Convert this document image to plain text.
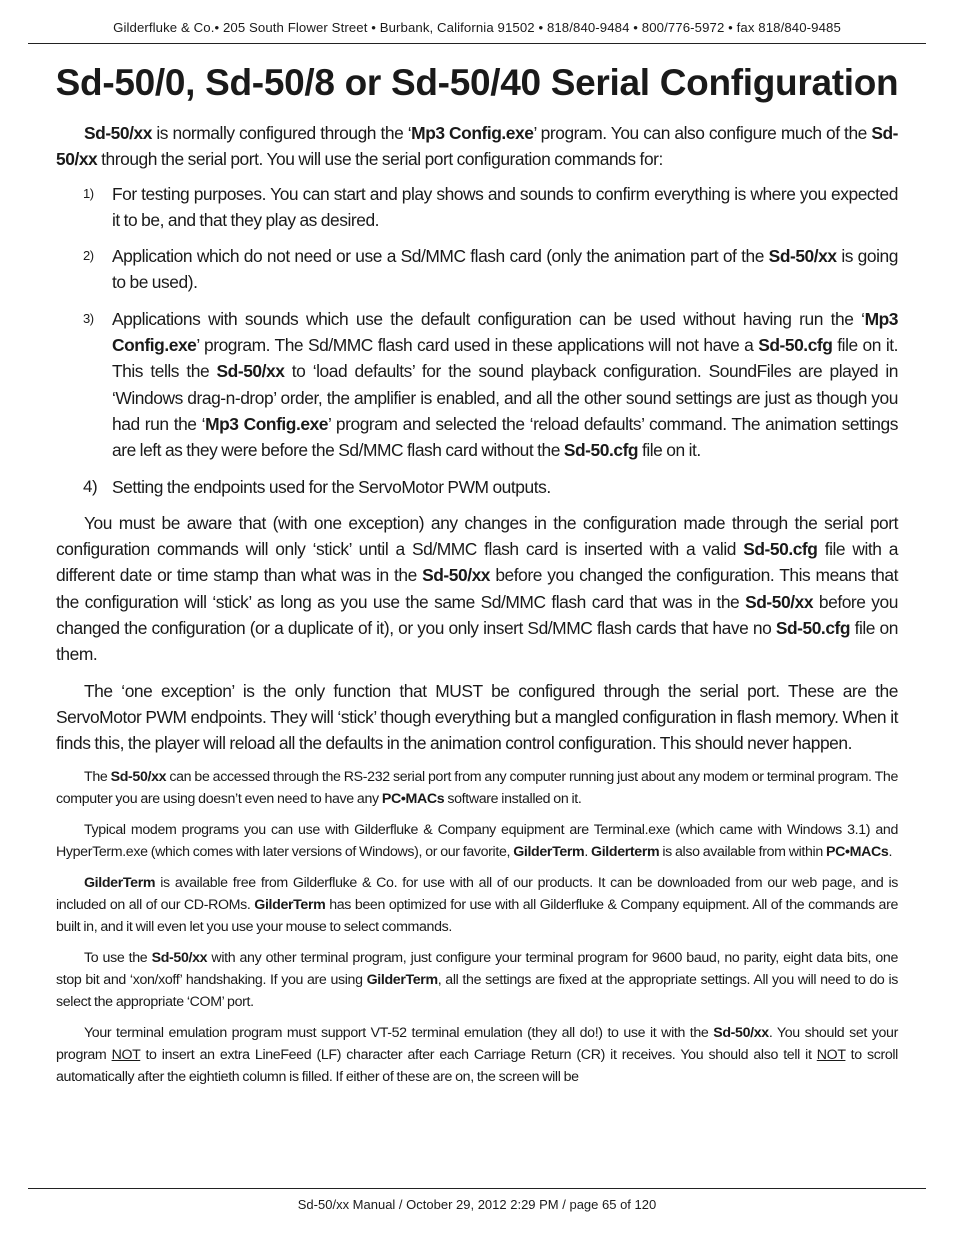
Gilderfluke & Co.• 205 South Flower Street • Burbank, California 91502 • 818/840-9484 • 800/776-5972 • fax 818/840-9485
Sd-50/0, Sd-50/8 or Sd-50/40 Serial Configuration

Sd-50/xx is normally configured through the ‘Mp3 Config.exe’ program. You can also configure much of the Sd-50/xx through the serial port. You will use the serial port configuration commands for:

1) For testing purposes. You can start and play shows and sounds to confirm everything is where you expected it to be, and that they play as desired.
2) Application which do not need or use a Sd/MMC flash card (only the animation part of the Sd-50/xx is going to be used).
3) Applications with sounds which use the default configuration can be used without having run the ‘Mp3 Config.exe’ program. The Sd/MMC flash card used in these applications will not have a Sd-50.cfg file on it. This tells the Sd-50/xx to ‘load defaults’ for the sound playback configuration. SoundFiles are played in ‘Windows drag-n-drop’ order, the amplifier is enabled, and all the other sound settings are just as though you had run the ‘Mp3 Config.exe’ program and selected the ‘reload defaults’ command. The animation settings are left as they were before the Sd/MMC flash card without the Sd-50.cfg file on it.
4) Setting the endpoints used for the ServoMotor PWM outputs.

You must be aware that (with one exception) any changes in the configuration made through the serial port configuration commands will only ‘stick’ until a Sd/MMC flash card is inserted with a valid Sd-50.cfg file with a different date or time stamp than what was in the Sd-50/xx before you changed the configuration. This means that the configuration will ‘stick’ as long as you use the same Sd/MMC flash card that was in the Sd-50/xx before you changed the configuration (or a duplicate of it), or you only insert Sd/MMC flash cards that have no Sd-50.cfg file on them.

The ‘one exception’ is the only function that MUST be configured through the serial port. These are the ServoMotor PWM endpoints. They will ‘stick’ though everything but a mangled configuration in flash memory. When it finds this, the player will reload all the defaults in the animation control configuration. This should never happen.

The Sd-50/xx can be accessed through the RS-232 serial port from any computer running just about any modem or terminal program. The computer you are using doesn’t even need to have any PC•MACs software installed on it.

Typical modem programs you can use with Gilderfluke & Company equipment are Terminal.exe (which came with Windows 3.1) and HyperTerm.exe (which comes with later versions of Windows), or our favorite, GilderTerm. Gilderterm is also available from within PC•MACs.

GilderTerm is available free from Gilderfluke & Co. for use with all of our products. It can be downloaded from our web page, and is included on all of our CD-ROMs. GilderTerm has been optimized for use with all Gilderfluke & Company equipment. All of the commands are built in, and it will even let you use your mouse to select commands.

To use the Sd-50/xx with any other terminal program, just configure your terminal program for 9600 baud, no parity, eight data bits, one stop bit and ‘xon/xoff’ handshaking. If you are using GilderTerm, all the settings are fixed at the appropriate settings. All you will need to do is select the appropriate ‘COM’ port.

Your terminal emulation program must support VT-52 terminal emulation (they all do!) to use it with the Sd-50/xx. You should set your program NOT to insert an extra LineFeed (LF) character after each Carriage Return (CR) it receives. You should also tell it NOT to scroll automatically after the eightieth column is filled. If either of these are on, the screen will be

Sd-50/xx Manual / October 29, 2012 2:29 PM / page 65 of 120
